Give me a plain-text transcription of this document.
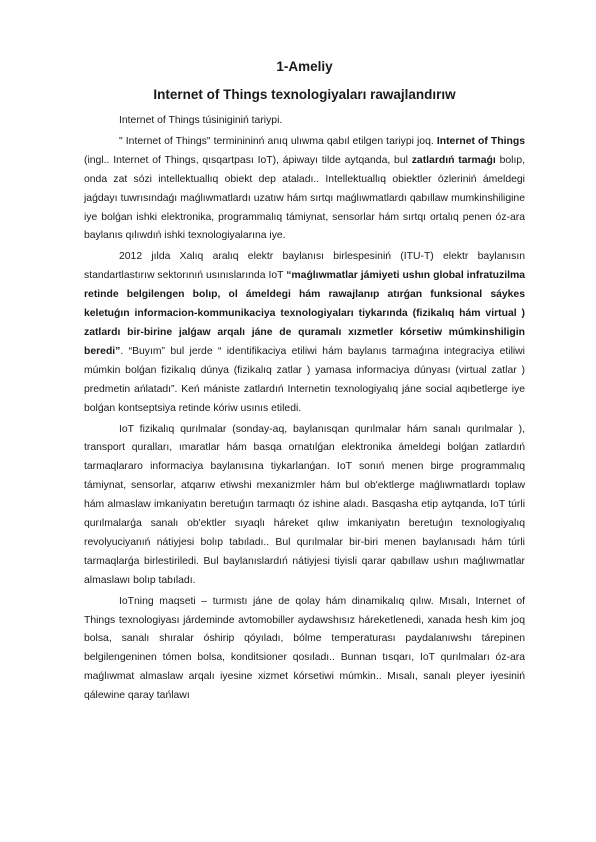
1-Ameliy
Internet of Things texnologiyaları rawajlandırıw

Internet of Things túsiniginiń tariypi.

" Internet of Things" terminininń anıq ulıwma qabıl etilgen tariypi joq. Internet of Things (ingl.. Internet of Things, qısqartpası IoT), ápiwayı tilde aytqanda, bul zatlardıń tarmaǵı bolıp, onda zat sózi intellektuallıq obiekt dep ataladı.. Intellektuallıq obiektler ózleriniń ámeldegi jaǵdayı tuwrısındaǵı maǵlıwmatlardı uzatıw hám sırtqı maǵlıwmatlardı qabıllaw mumkinshiligine iye bolǵan ishki elektronika, programmalıq támiynat, sensorlar hám sırtqı ortalıq penen óz-ara baylanıs qılıwdıń ishki texnologiyalarına iye.

2012 jılda Xalıq aralıq elektr baylanısı birlespesiniń (ITU-T) elektr baylanısın standartlastırıw sektorınıń usınıslarında IoT “maǵlıwmatlar jámiyeti ushın global infratuzilma retinde belgilengen bolıp, ol ámeldegi hám rawajlanıp atırǵan funksional sáykes keletuǵın informacion-kommunikaciya texnologiyaları tiykarında (fizikalıq hám virtual ) zatlardı bir-birine jalǵaw arqalı jáne de quramalı xızmetler kórsetiw múmkinshiligin beredi”. “Buyım” bul jerde “ identifikaciya etiliwi hám baylanıs tarmaǵına integraciya etiliwi múmkin bolǵan fizikalıq dúnya (fizikalıq zatlar ) yamasa informaciya dúnyası (virtual zatlar ) predmetin ańlatadı”. Keń mániste zatlardıń Internetin texnologiyalıq jáne social aqıbetlerge iye bolǵan kontseptsiya retinde kóriw usınıs etiledi.

IoT fizikalıq qurılmalar (sonday-aq, baylanısqan qurılmalar hám sanalı qurılmalar ), transport quralları, ımaratlar hám basqa ornatılǵan elektronika ámeldegi bolǵan zatlardıń tarmaqlararo informaciya baylanısına tiykarlanǵan. IoT sonıń menen birge programmalıq támiynat, sensorlar, atqarıw etiwshi mexanizmler hám bul ob'ektlerge maǵlıwmatlardı toplaw hám almaslaw imkaniyatın beretuǵın tarmaqtı óz ishine aladı. Basqasha etip aytqanda, IoT túrli qurılmalarǵa sanalı ob'ektler sıyaqlı háreket qılıw imkaniyatın beretuǵın texnologiyalıq revolyuciyanıń nátiyjesi bolıp tabıladı.. Bul qurılmalar bir-biri menen baylanısadı hám túrli tarmaqlarǵa birlestiriledi. Bul baylanıslardıń nátiyjesi tiyisli qarar qabıllaw ushın maǵlıwmatlar almaslawı bolıp tabıladı.

IoTning maqseti – turmıstı jáne de qolay hám dinamikalıq qılıw. Mısalı, Internet of Things texnologiyası járdeminde avtomobiller aydawshısız háreketlenedi, xanada hesh kim joq bolsa, sanalı shıralar óshirip qóyıladı, bólme temperaturası paydalanıwshı tárepinen belgilengeninen tómen bolsa, konditsioner qosıladı.. Bunnan tısqarı, IoT qurılmaları óz-ara maǵlıwmat almaslaw arqalı iyesine xizmet kórsetiwi múmkin.. Mısalı, sanalı pleyer iyesiniń qálewine qaray tańlawı
